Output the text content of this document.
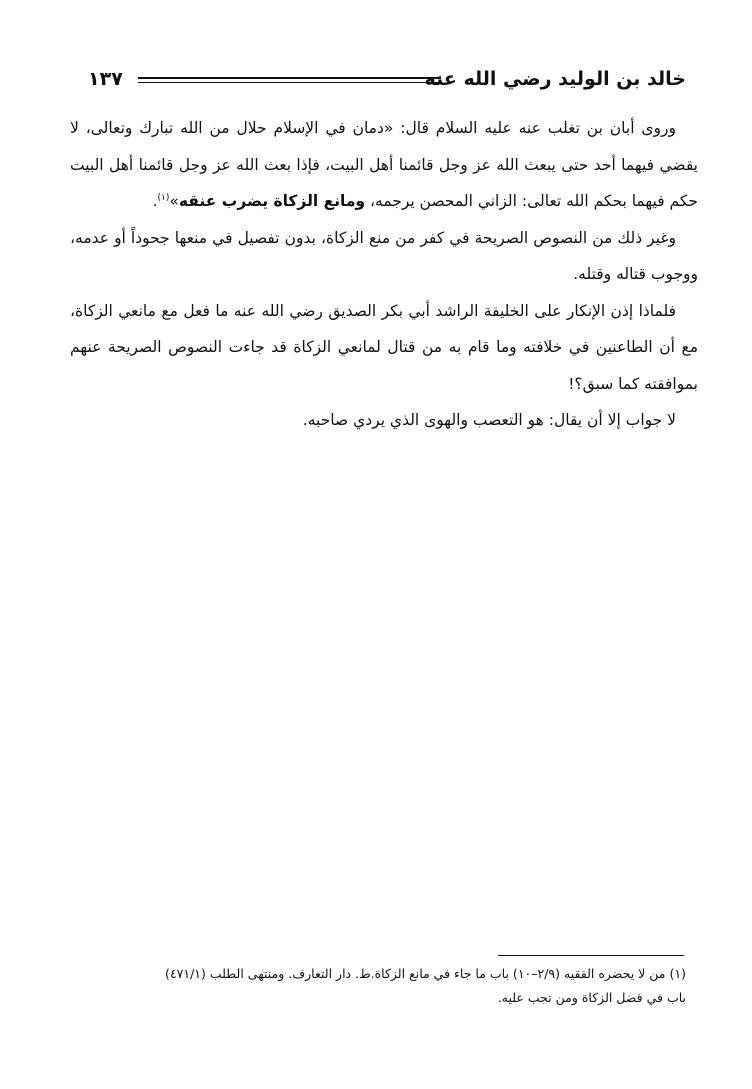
خالد بن الوليد رضي الله عنه
١٣٧

وروى أبان بن تغلب عنه عليه السلام قال: «دمان في الإسلام حلال من الله تبارك وتعالى، لا يقضي فيهما أحد حتى يبعث الله عز وجل قائمنا أهل البيت، فإذا بعث الله عز وجل قائمنا أهل البيت حكم فيهما بحكم الله تعالى: الزاني المحصن يرجمه، ومانع الزكاة يضرب عنقه»$^{(١)}$.

وغير ذلك من النصوص الصريحة في كفر من منع الزكاة، بدون تفصيل في منعها جحوداً أو عدمه، ووجوب قتاله وقتله.

فلماذا إذن الإنكار على الخليفة الراشد أبي بكر الصديق رضي الله عنه ما فعل مع مانعي الزكاة، مع أن الطاعنين في خلافته وما قام به من قتال لمانعي الزكاة قد جاءت النصوص الصريحة عنهم بموافقته كما سبق؟!

لا جواب إلا أن يقال: هو التعصب والهوى الذي يردي صاحبه.

(١)من لا يحضره الفقيه (٢/٩–١٠) باب ما جاء في مانع الزكاة.ط. دار التعارف. ومنتهى الطلب (٤٧١/١)
باب في فضل الزكاة ومن تجب عليه.
